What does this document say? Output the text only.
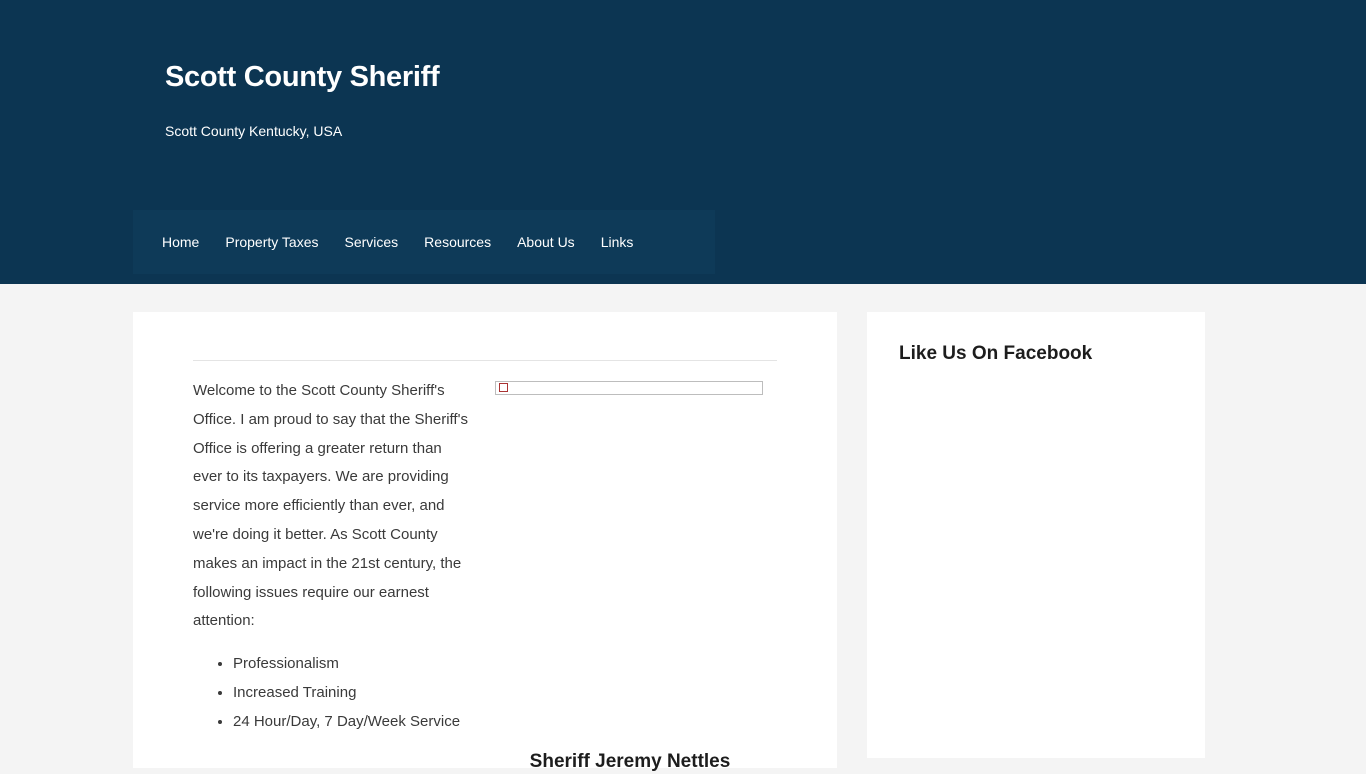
Scott County Sheriff

Scott County Kentucky, USA

Home	Property Taxes	Services	Resources	About Us	Links

Welcome to the Scott County Sheriff's Office. I am proud to say that the Sheriff's Office is offering a greater return than ever to its taxpayers. We are providing service more efficiently than ever, and we're doing it better. As Scott County makes an impact in the 21st century, the following issues require our earnest attention:

• Professionalism
• Increased Training
• 24 Hour/Day, 7 Day/Week Service
Sheriff Jeremy Nettles
Like Us On Facebook
